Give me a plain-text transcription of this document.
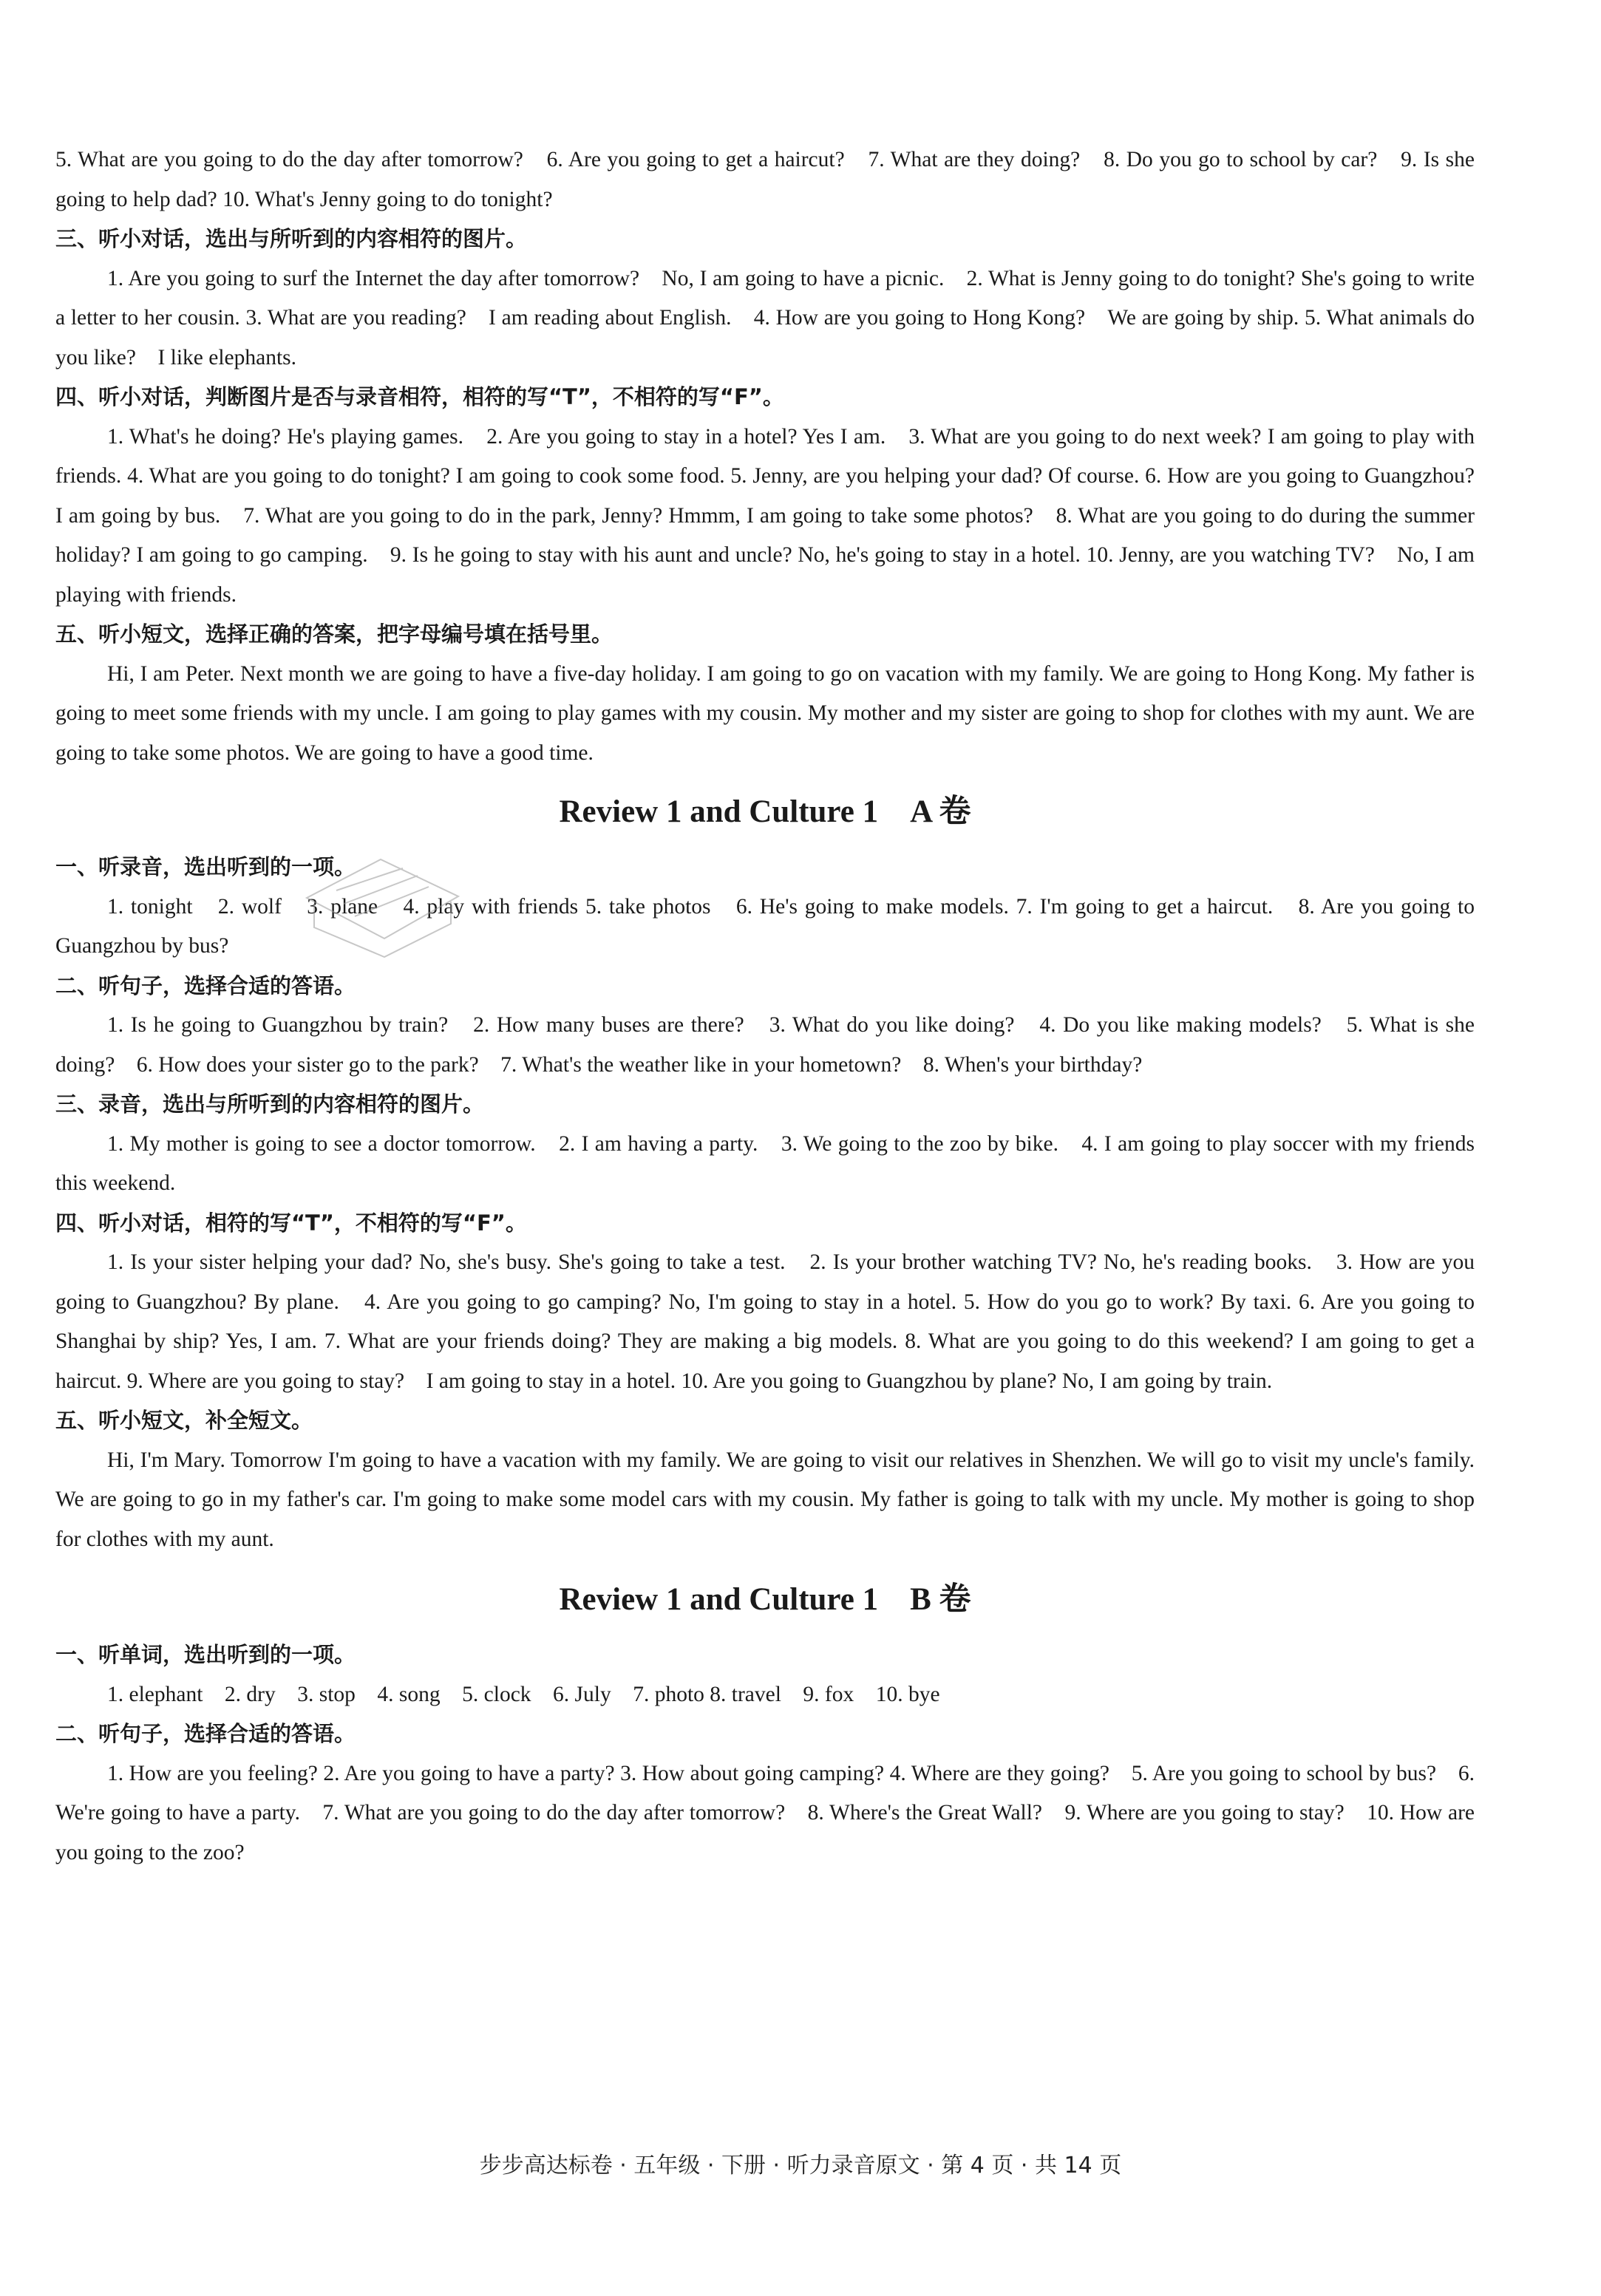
5. What are you going to do the day after tomorrow?　6. Are you going to get a haircut?　7. What are they doing?　8. Do you go to school by car?　9. Is she going to help dad? 10. What's Jenny going to do tonight?

三、听小对话，选出与所听到的内容相符的图片。

1. Are you going to surf the Internet the day after tomorrow?　No, I am going to have a picnic.　2. What is Jenny going to do tonight? She's going to write a letter to her cousin. 3. What are you reading?　I am reading about English.　4. How are you going to Hong Kong?　We are going by ship. 5. What animals do you like?　I like elephants.

四、听小对话，判断图片是否与录音相符，相符的写“T”，不相符的写“F”。

1. What's he doing? He's playing games.　2. Are you going to stay in a hotel? Yes I am.　3. What are you going to do next week? I am going to play with friends. 4. What are you going to do tonight? I am going to cook some food. 5. Jenny, are you helping your dad? Of course. 6. How are you going to Guangzhou? I am going by bus.　7. What are you going to do in the park, Jenny? Hmmm, I am going to take some photos?　8. What are you going to do during the summer holiday? I am going to go camping.　9. Is he going to stay with his aunt and uncle? No, he's going to stay in a hotel. 10. Jenny, are you watching TV?　No, I am playing with friends.

五、听小短文，选择正确的答案，把字母编号填在括号里。

Hi, I am Peter. Next month we are going to have a five-day holiday. I am going to go on vacation with my family. We are going to Hong Kong. My father is going to meet some friends with my uncle. I am going to play games with my cousin. My mother and my sister are going to shop for clothes with my aunt. We are going to take some photos. We are going to have a good time.

Review 1 and Culture 1　A 卷

一、听录音，选出听到的一项。

1. tonight　2. wolf　3. plane　4. play with friends 5. take photos　6. He's going to make models. 7. I'm going to get a haircut.　8. Are you going to Guangzhou by bus?

二、听句子，选择合适的答语。

1. Is he going to Guangzhou by train?　2. How many buses are there?　3. What do you like doing?　4. Do you like making models?　5. What is she doing?　6. How does your sister go to the park?　7. What's the weather like in your hometown?　8. When's your birthday?

三、录音，选出与所听到的内容相符的图片。

1. My mother is going to see a doctor tomorrow.　2. I am having a party.　3. We going to the zoo by bike.　4. I am going to play soccer with my friends this weekend.

四、听小对话，相符的写“T”，不相符的写“F”。

1. Is your sister helping your dad? No, she's busy. She's going to take a test.　2. Is your brother watching TV? No, he's reading books.　3. How are you going to Guangzhou? By plane.　4. Are you going to go camping? No, I'm going to stay in a hotel. 5. How do you go to work? By taxi. 6. Are you going to Shanghai by ship? Yes, I am. 7. What are your friends doing? They are making a big models. 8. What are you going to do this weekend? I am going to get a haircut. 9. Where are you going to stay?　I am going to stay in a hotel. 10. Are you going to Guangzhou by plane? No, I am going by train.

五、听小短文，补全短文。

Hi, I'm Mary. Tomorrow I'm going to have a vacation with my family. We are going to visit our relatives in Shenzhen. We will go to visit my uncle's family. We are going to go in my father's car. I'm going to make some model cars with my cousin. My father is going to talk with my uncle. My mother is going to shop for clothes with my aunt.

Review 1 and Culture 1　B 卷

一、听单词，选出听到的一项。

1. elephant　2. dry　3. stop　4. song　5. clock　6. July　7. photo 8. travel　9. fox　10. bye

二、听句子，选择合适的答语。

1. How are you feeling? 2. Are you going to have a party? 3. How about going camping? 4. Where are they going?　5. Are you going to school by bus?　6. We're going to have a party.　7. What are you going to do the day after tomorrow?　8. Where's the Great Wall?　9. Where are you going to stay?　10. How are you going to the zoo?

步步高达标卷 · 五年级 · 下册 · 听力录音原文 · 第 4 页 · 共 14 页
